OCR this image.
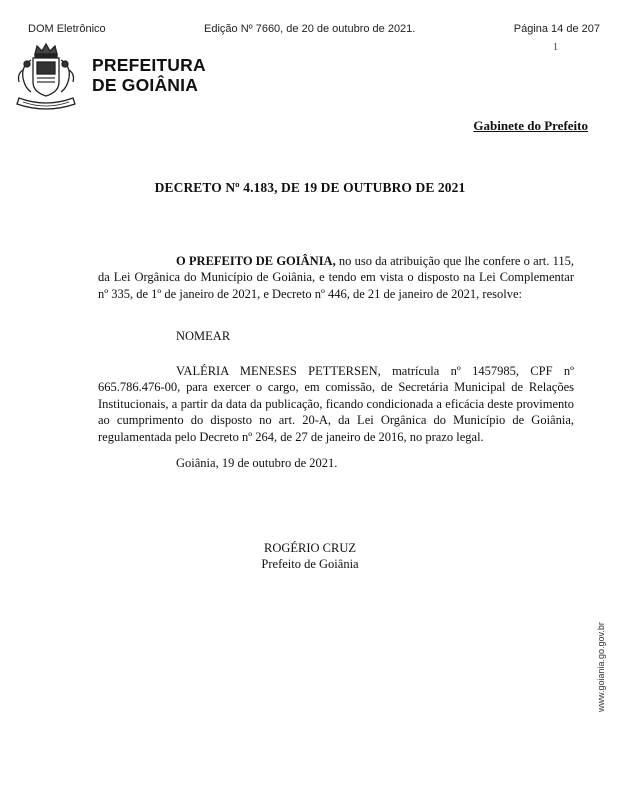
DOM Eletrônico	Edição Nº 7660, de 20 de outubro de 2021.	Página 14 de 207
1
PREFEITURA
DE GOIÂNIA
Gabinete do Prefeito
DECRETO Nº 4.183, DE 19 DE OUTUBRO DE 2021
O PREFEITO DE GOIÂNIA, no uso da atribuição que lhe confere o art. 115, da Lei Orgânica do Município de Goiânia, e tendo em vista o disposto na Lei Complementar nº 335, de 1º de janeiro de 2021, e Decreto nº 446, de 21 de janeiro de 2021, resolve:
NOMEAR
VALÉRIA MENESES PETTERSEN, matrícula nº 1457985, CPF nº 665.786.476-00, para exercer o cargo, em comissão, de Secretária Municipal de Relações Institucionais, a partir da data da publicação, ficando condicionada a eficácia deste provimento ao cumprimento do disposto no art. 20-A, da Lei Orgânica do Município de Goiânia, regulamentada pelo Decreto nº 264, de 27 de janeiro de 2016, no prazo legal.
Goiânia, 19 de outubro de 2021.
ROGÉRIO CRUZ
Prefeito de Goiânia
www.goiania.go.gov.br
